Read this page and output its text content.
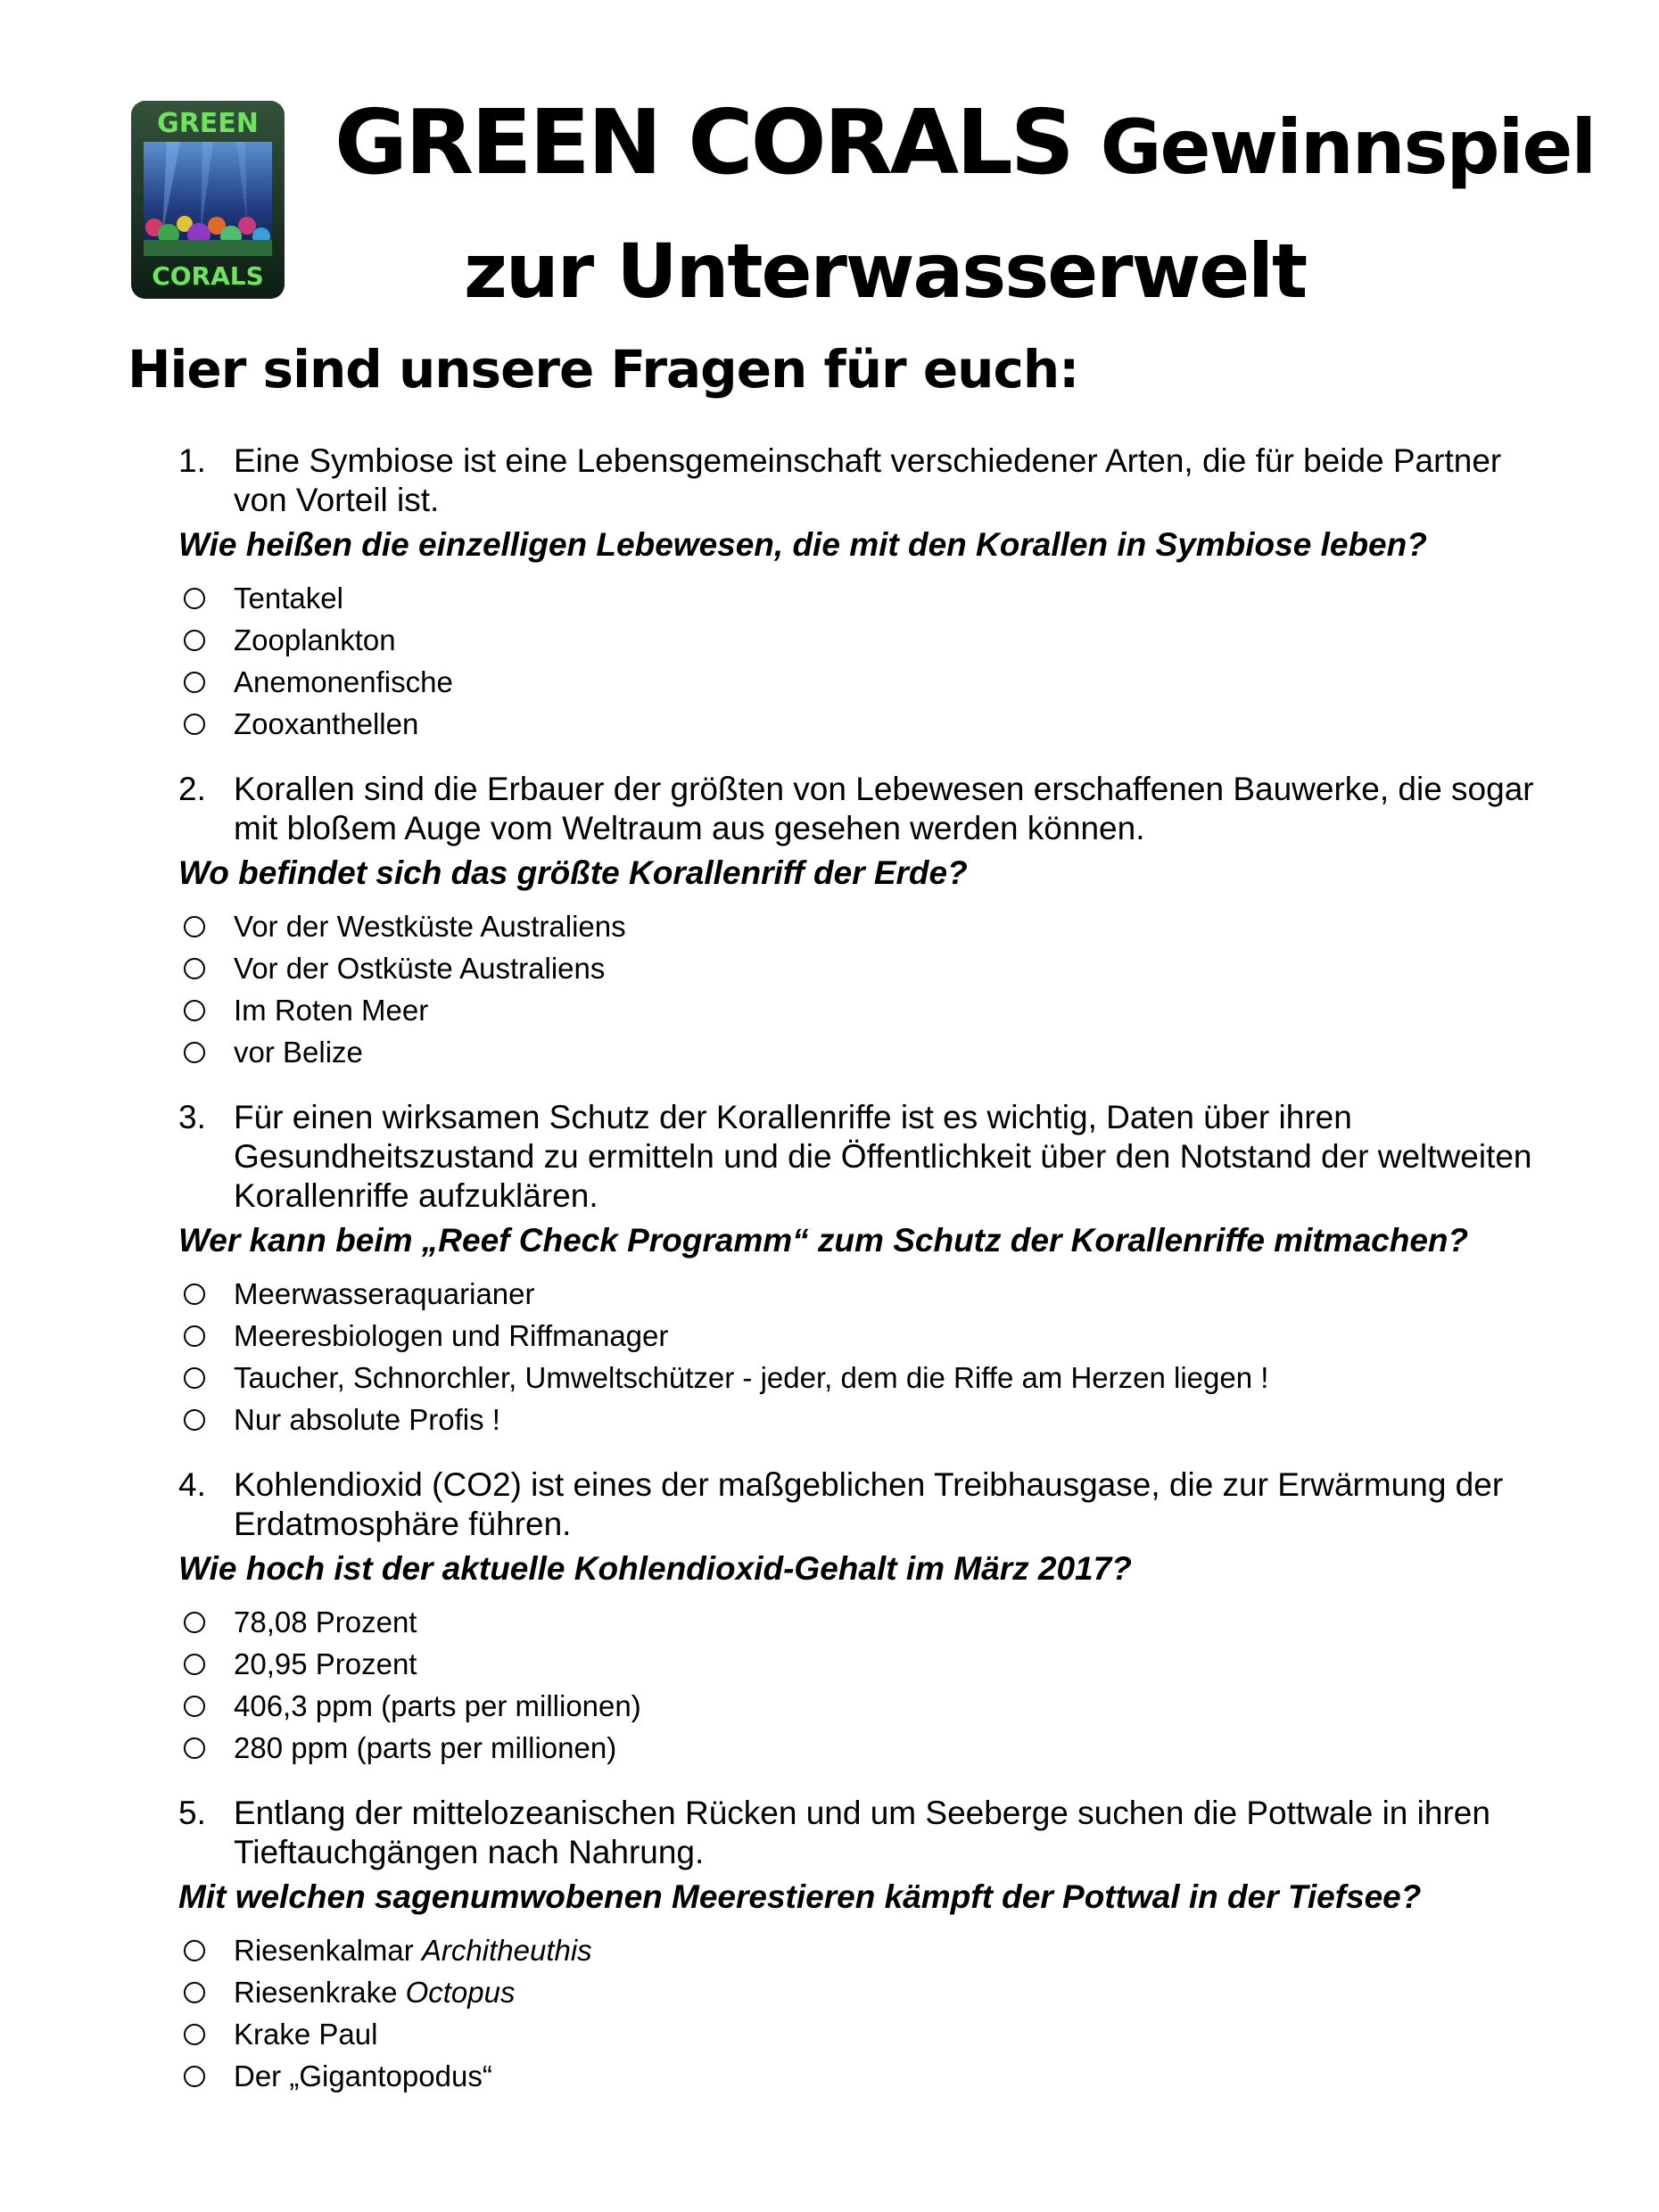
GREEN
CORALS
GREEN CORALS Gewinnspiel
zur Unterwasserwelt
Hier sind unsere Fragen für euch:
1. Eine Symbiose ist eine Lebensgemeinschaft verschiedener Arten, die für beide Partner von Vorteil ist.
Wie heißen die einzelligen Lebewesen, die mit den Korallen in Symbiose leben?
Tentakel
Zooplankton
Anemonenfische
Zooxanthellen
2. Korallen sind die Erbauer der größten von Lebewesen erschaffenen Bauwerke, die sogar mit bloßem Auge vom Weltraum aus gesehen werden können.
Wo befindet sich das größte Korallenriff der Erde?
Vor der Westküste Australiens
Vor der Ostküste Australiens
Im Roten Meer
vor Belize
3. Für einen wirksamen Schutz der Korallenriffe ist es wichtig, Daten über ihren Gesundheitszustand zu ermitteln und die Öffentlichkeit über den Notstand der weltweiten Korallenriffe aufzuklären.
Wer kann beim „Reef Check Programm“ zum Schutz der Korallenriffe mitmachen?
Meerwasseraquarianer
Meeresbiologen und Riffmanager
Taucher, Schnorchler, Umweltschützer - jeder, dem die Riffe am Herzen liegen !
Nur absolute Profis !
4. Kohlendioxid (CO2) ist eines der maßgeblichen Treibhausgase, die zur Erwärmung der Erdatmosphäre führen.
Wie hoch ist der aktuelle Kohlendioxid-Gehalt im März 2017?
78,08 Prozent
20,95 Prozent
406,3 ppm (parts per millionen)
280 ppm (parts per millionen)
5. Entlang der mittelozeanischen Rücken und um Seeberge suchen die Pottwale in ihren Tieftauchgängen nach Nahrung.
Mit welchen sagenumwobenen Meerestieren kämpft der Pottwal in der Tiefsee?
Riesenkalmar Architheuthis
Riesenkrake Octopus
Krake Paul
Der „Gigantopodus“
